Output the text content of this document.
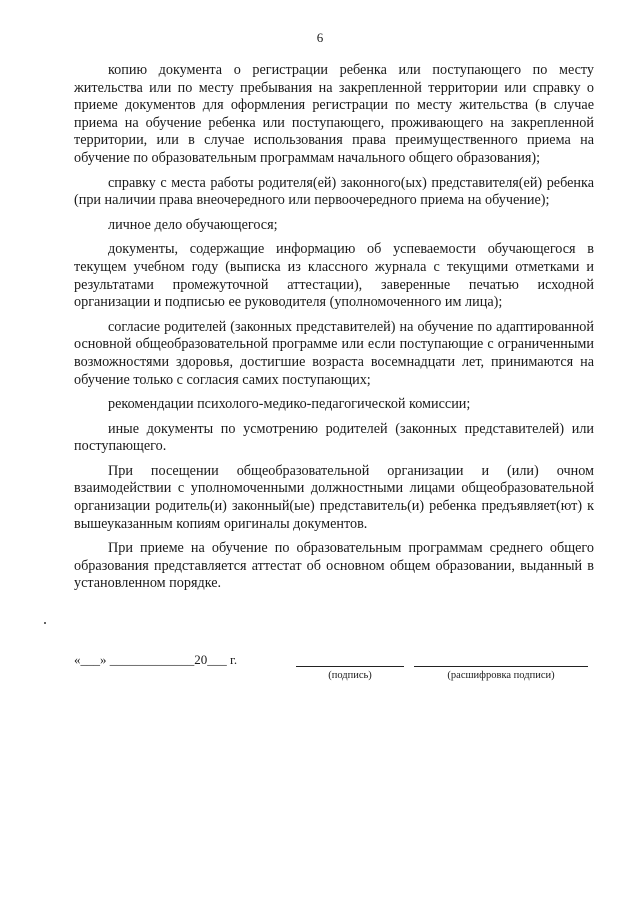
6

копию документа о регистрации ребенка или поступающего по месту жительства или по месту пребывания на закрепленной территории или справку о приеме документов для оформления регистрации по месту жительства (в случае приема на обучение ребенка или поступающего, проживающего на закрепленной территории, или в случае использования права преимущественного приема на обучение по образовательным программам начального общего образования);

справку с места работы родителя(ей) законного(ых) представителя(ей) ребенка (при наличии права внеочередного или первоочередного приема на обучение);

личное дело обучающегося;

документы, содержащие информацию об успеваемости обучающегося в текущем учебном году (выписка из классного журнала с текущими отметками и результатами промежуточной аттестации), заверенные печатью исходной организации и подписью ее руководителя (уполномоченного им лица);

согласие родителей (законных представителей) на обучение по адаптированной основной общеобразовательной программе или если поступающие с ограниченными возможностями здоровья, достигшие возраста восемнадцати лет, принимаются на обучение только с согласия самих поступающих;

рекомендации психолого-медико-педагогической комиссии;

иные документы по усмотрению родителей (законных представителей) или поступающего.

При посещении общеобразовательной организации и (или) очном взаимодействии с уполномоченными должностными лицами общеобразовательной организации родитель(и) законный(ые) представитель(и) ребенка предъявляет(ют) к вышеуказанным копиям оригиналы документов.

При приеме на обучение по образовательным программам среднего общего образования представляется аттестат об основном общем образовании, выданный в установленном порядке.

«___» _____________20___ г.
(подпись)	(расшифровка подписи)
